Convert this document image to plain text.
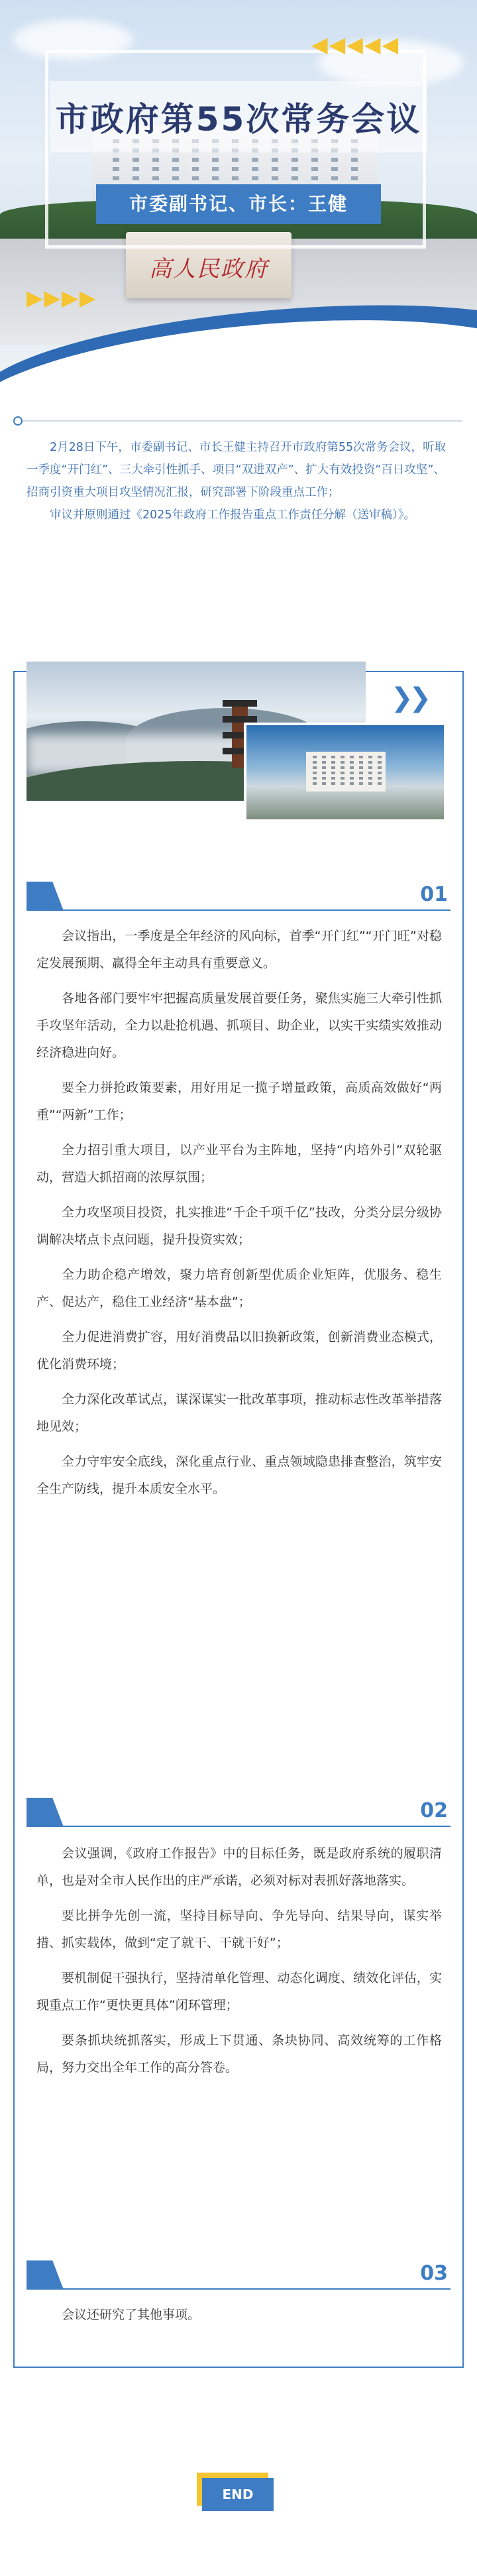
高人民政府
市政府第55次常务会议
市委副书记、市长：王健
◀◀◀◀◀
▶▶▶▶

2月28日下午，市委副书记、市长王健主持召开市政府第55次常务会议，听取一季度“开门红”、三大牵引性抓手、项目“双进双产”、扩大有效投资“百日攻坚”、招商引资重大项目攻坚情况汇报，研究部署下阶段重点工作；

审议并原则通过《2025年政府工作报告重点工作责任分解（送审稿）》。

❯❯
01

会议指出，一季度是全年经济的风向标，首季“开门红”“开门旺”对稳定发展预期、赢得全年主动具有重要意义。

各地各部门要牢牢把握高质量发展首要任务，聚焦实施三大牵引性抓手攻坚年活动，全力以赴抢机遇、抓项目、助企业，以实干实绩实效推动经济稳进向好。

要全力拼抢政策要素，用好用足一揽子增量政策，高质高效做好“两重”“两新”工作；

全力招引重大项目，以产业平台为主阵地，坚持“内培外引”双轮驱动，营造大抓招商的浓厚氛围；

全力攻坚项目投资，扎实推进“千企千项千亿”技改，分类分层分级协调解决堵点卡点问题，提升投资实效；

全力助企稳产增效，聚力培育创新型优质企业矩阵，优服务、稳生产、促达产，稳住工业经济“基本盘”；

全力促进消费扩容，用好消费品以旧换新政策，创新消费业态模式，优化消费环境；

全力深化改革试点，谋深谋实一批改革事项，推动标志性改革举措落地见效；

全力守牢安全底线，深化重点行业、重点领域隐患排查整治，筑牢安全生产防线，提升本质安全水平。

02

会议强调，《政府工作报告》中的目标任务，既是政府系统的履职清单，也是对全市人民作出的庄严承诺，必须对标对表抓好落地落实。

要比拼争先创一流，坚持目标导向、争先导向、结果导向，谋实举措、抓实载体，做到“定了就干、干就干好”；

要机制促干强执行，坚持清单化管理、动态化调度、绩效化评估，实现重点工作“更快更具体”闭环管理；

要条抓块统抓落实，形成上下贯通、条块协同、高效统筹的工作格局，努力交出全年工作的高分答卷。

03

会议还研究了其他事项。

END
